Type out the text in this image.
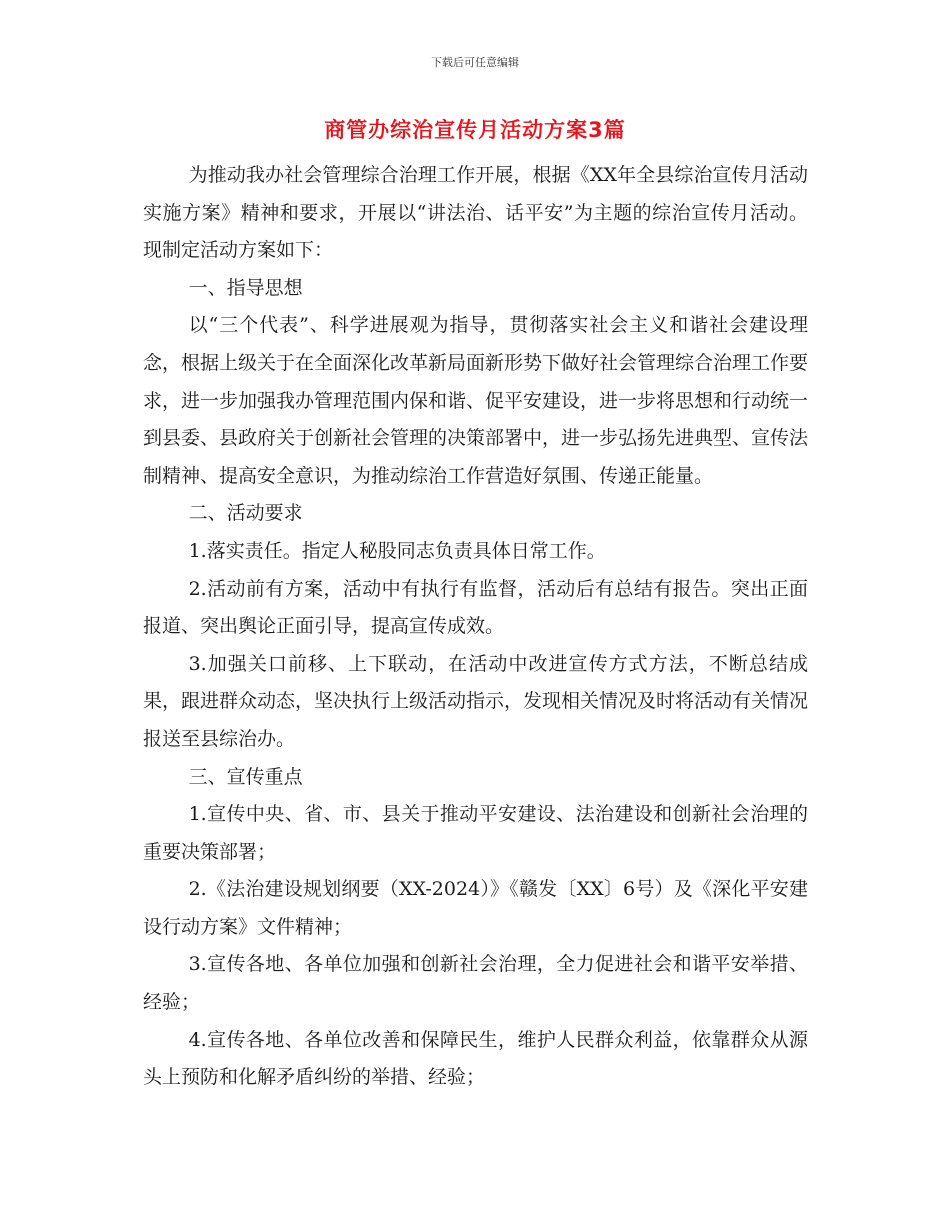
下载后可任意编辑
商管办综治宣传月活动方案3篇

为推动我办社会管理综合治理工作开展，根据《XX年全县综治宣传月活动实施方案》精神和要求，开展以“讲法治、话平安”为主题的综治宣传月活动。现制定活动方案如下：

一、指导思想

以“三个代表”、科学进展观为指导，贯彻落实社会主义和谐社会建设理念，根据上级关于在全面深化改革新局面新形势下做好社会管理综合治理工作要求，进一步加强我办管理范围内保和谐、促平安建设，进一步将思想和行动统一到县委、县政府关于创新社会管理的决策部署中，进一步弘扬先进典型、宣传法制精神、提高安全意识，为推动综治工作营造好氛围、传递正能量。

二、活动要求

1.落实责任。指定人秘股同志负责具体日常工作。

2.活动前有方案，活动中有执行有监督，活动后有总结有报告。突出正面报道、突出舆论正面引导，提高宣传成效。

3.加强关口前移、上下联动，在活动中改进宣传方式方法，不断总结成果，跟进群众动态，坚决执行上级活动指示，发现相关情况及时将活动有关情况报送至县综治办。

三、宣传重点

1.宣传中央、省、市、县关于推动平安建设、法治建设和创新社会治理的重要决策部署；

2.《法治建设规划纲要（XX-2024）》《赣发〔XX〕6号）及《深化平安建设行动方案》文件精神；

3.宣传各地、各单位加强和创新社会治理，全力促进社会和谐平安举措、经验；

4.宣传各地、各单位改善和保障民生，维护人民群众利益，依靠群众从源头上预防和化解矛盾纠纷的举措、经验；
